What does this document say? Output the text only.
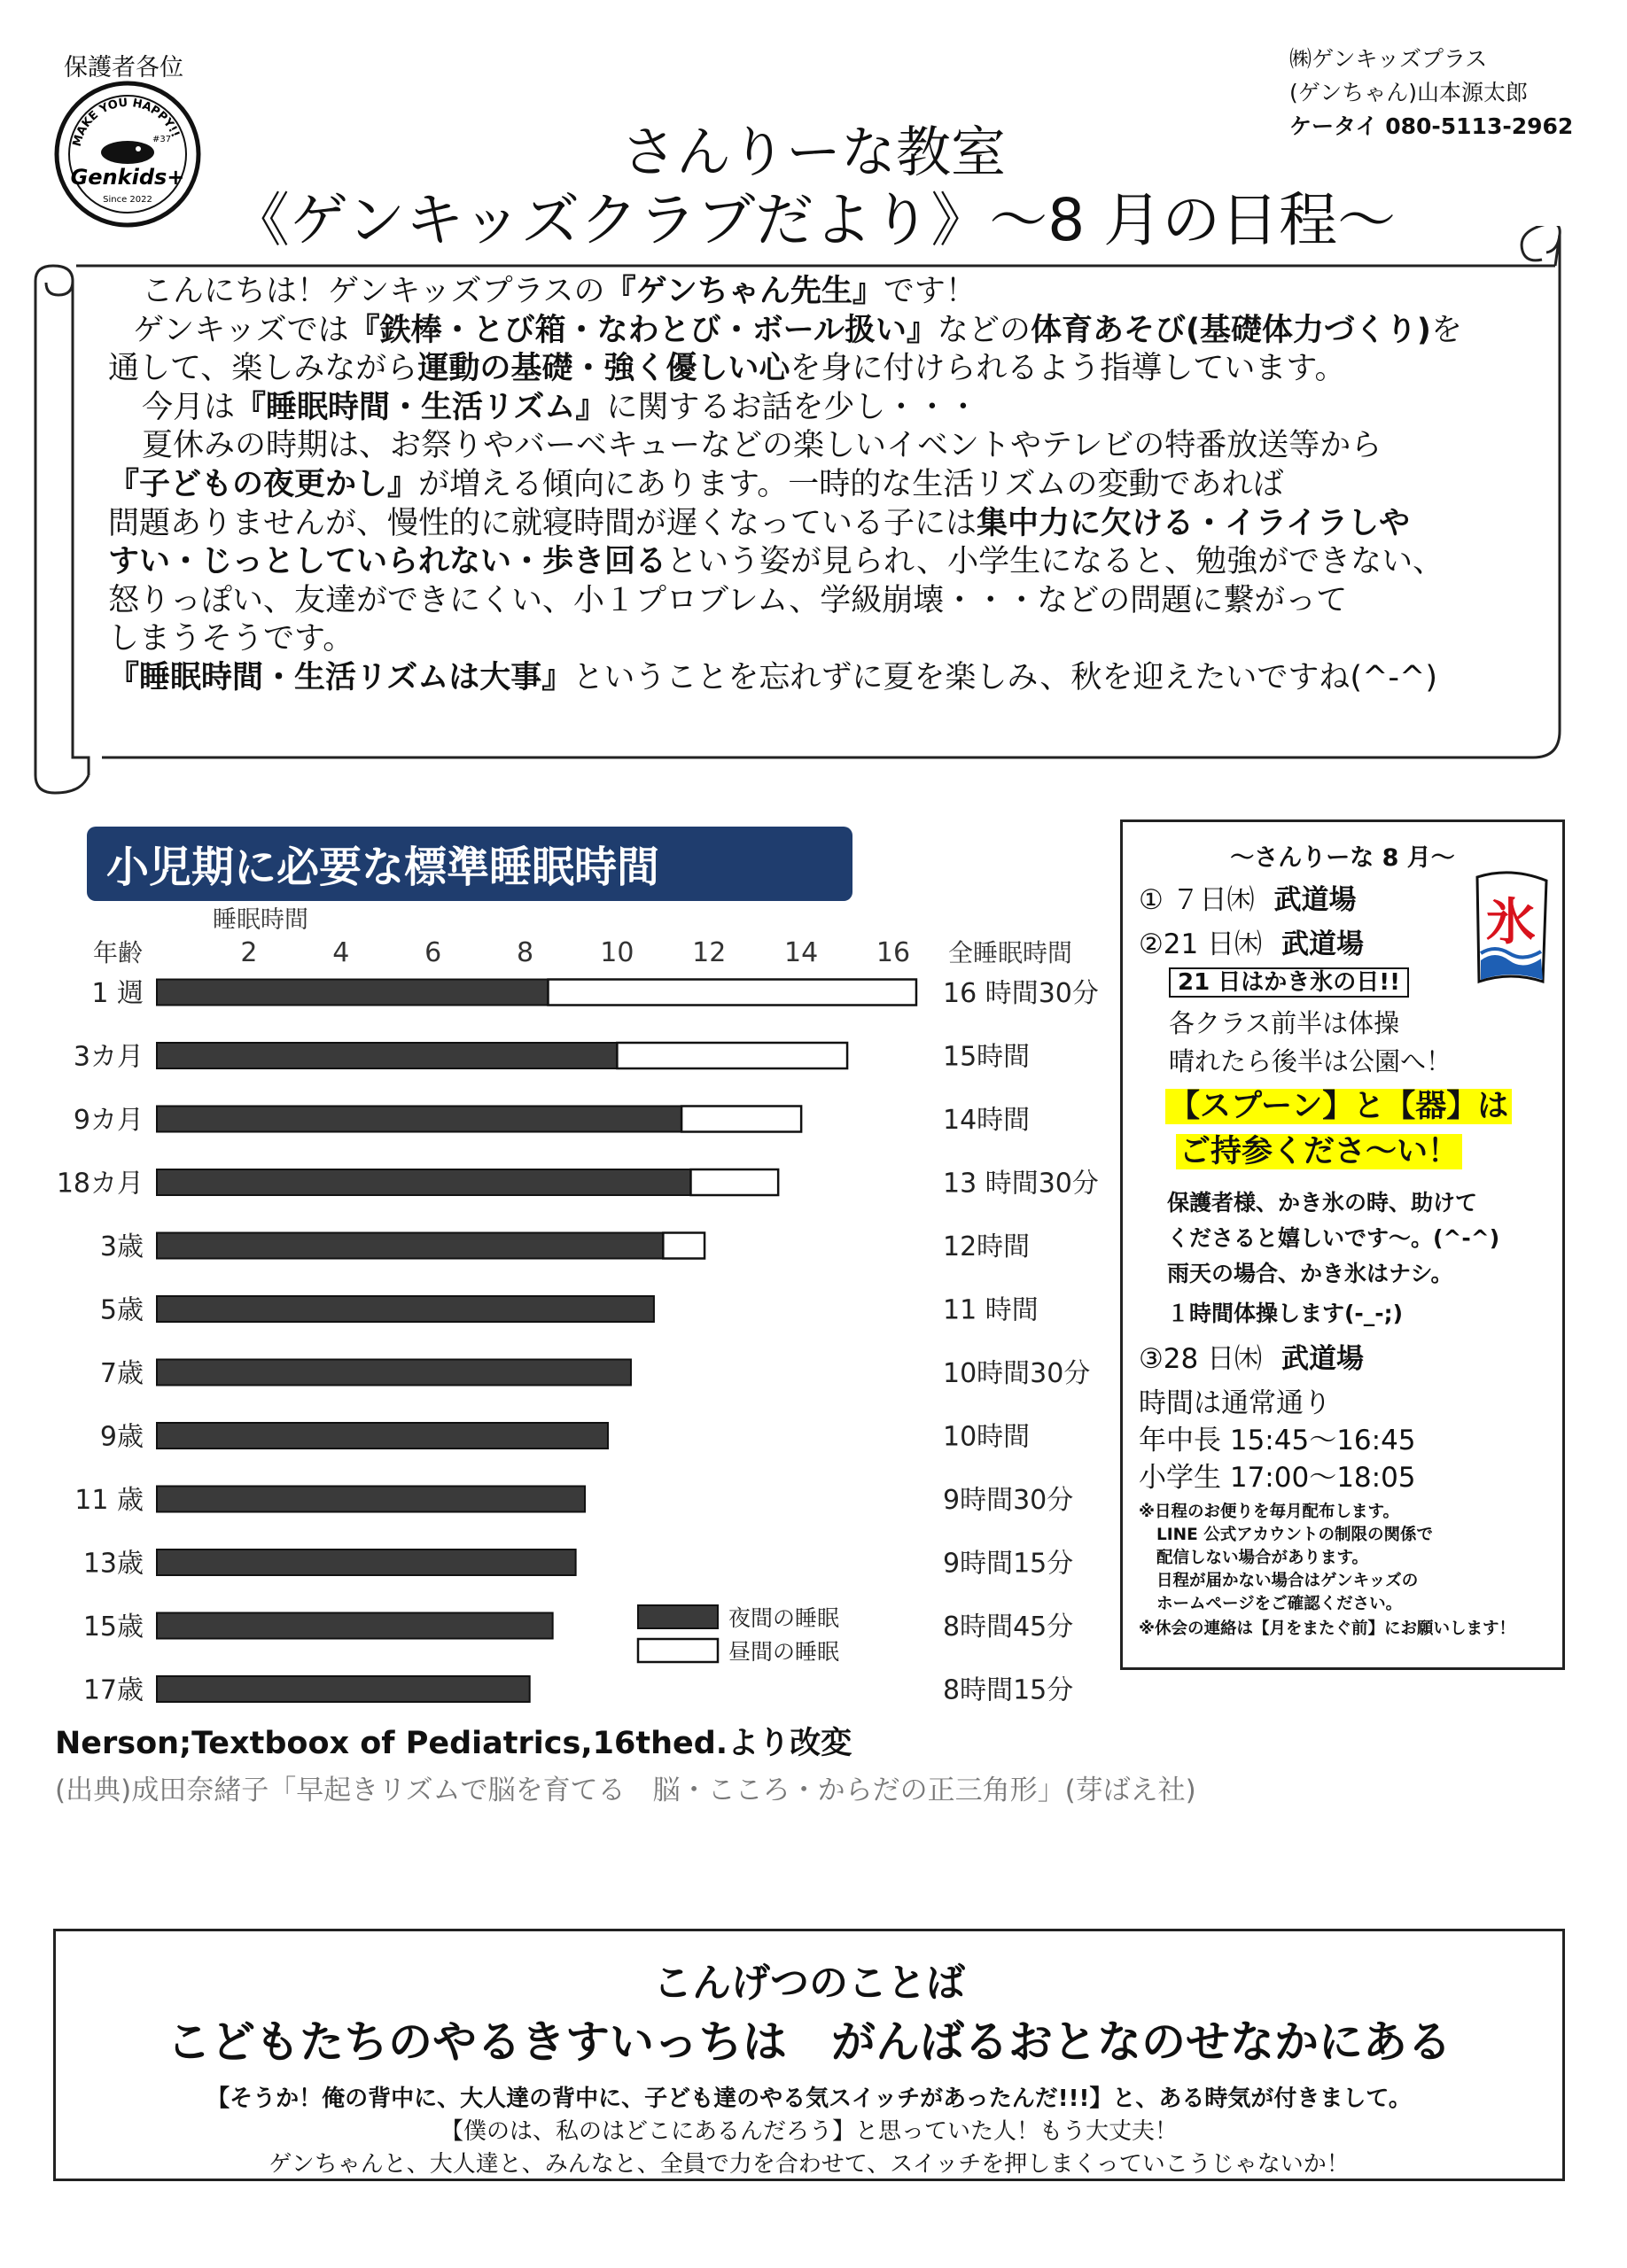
保護者各位
MAKE YOU HAPPY!!
#37
Genkids+
Since 2022
㈱ゲンキッズプラス
(ゲンちゃん)山本源太郎
ケータイ 080-5113-2962
さんりーな教室
《ゲンキッズクラブだより》～8 月の日程～

こんにちは！ゲンキッズプラスの『ゲンちゃん先生』です！

ゲンキッズでは『鉄棒・とび箱・なわとび・ボール扱い』などの体育あそび(基礎体力づくり)を

通して、楽しみながら運動の基礎・強く優しい心を身に付けられるよう指導しています。

今月は『睡眠時間・生活リズム』に関するお話を少し・・・

夏休みの時期は、お祭りやバーベキューなどの楽しいイベントやテレビの特番放送等から

『子どもの夜更かし』が増える傾向にあります。一時的な生活リズムの変動であれば

問題ありませんが、慢性的に就寝時間が遅くなっている子には集中力に欠ける・イライラしや

すい・じっとしていられない・歩き回るという姿が見られ、小学生になると、勉強ができない、

怒りっぽい、友達ができにくい、小１プロブレム、学級崩壊・・・などの問題に繋がって

しまうそうです。

『睡眠時間・生活リズムは大事』ということを忘れずに夏を楽しみ、秋を迎えたいですね(^-^)

小児期に必要な標準睡眠時間
睡眠時間
年齢	全睡眠時間
2	4	6	8	10 12 14 16
1 週	16 時間30分
3カ月	15時間
9カ月	14時間
18カ月	13 時間30分
3歳	12時間
5歳	11 時間
7歳	10時間30分
9歳	10時間
11 歳	9時間30分
13歳	9時間15分
15歳	8時間45分
17歳	8時間15分
夜間の睡眠
昼間の睡眠
Nerson;Textboox of Pediatrics,16thed.より改変
(出典)成田奈緒子「早起きリズムで脳を育てる　脳・こころ・からだの正三角形」(芽ばえ社)
～さんりーな 8 月～
① ７日㈭ 武道場
②21 日㈭ 武道場 氷
21 日はかき氷の日!!
各クラス前半は体操
晴れたら後半は公園へ！
【スプーン】と【器】は
ご持参くださ～い！
保護者様、かき氷の時、助けて
くださると嬉しいです～。(^-^)
雨天の場合、かき氷はナシ。
１時間体操します(-_-;)
③28 日㈭ 武道場
時間は通常通り
年中長 15:45～16:45
小学生 17:00～18:05
※日程のお便りを毎月配布します。
LINE 公式アカウントの制限の関係で
配信しない場合があります。
日程が届かない場合はゲンキッズの
ホームページをご確認ください。
※休会の連絡は【月をまたぐ前】にお願いします！
こんげつのことば
こどもたちのやるきすいっちは　がんばるおとなのせなかにある
【そうか！俺の背中に、大人達の背中に、子ども達のやる気スイッチがあったんだ!!!】と、ある時気が付きまして。
【僕のは、私のはどこにあるんだろう】と思っていた人！もう大丈夫！
ゲンちゃんと、大人達と、みんなと、全員で力を合わせて、スイッチを押しまくっていこうじゃないか！
